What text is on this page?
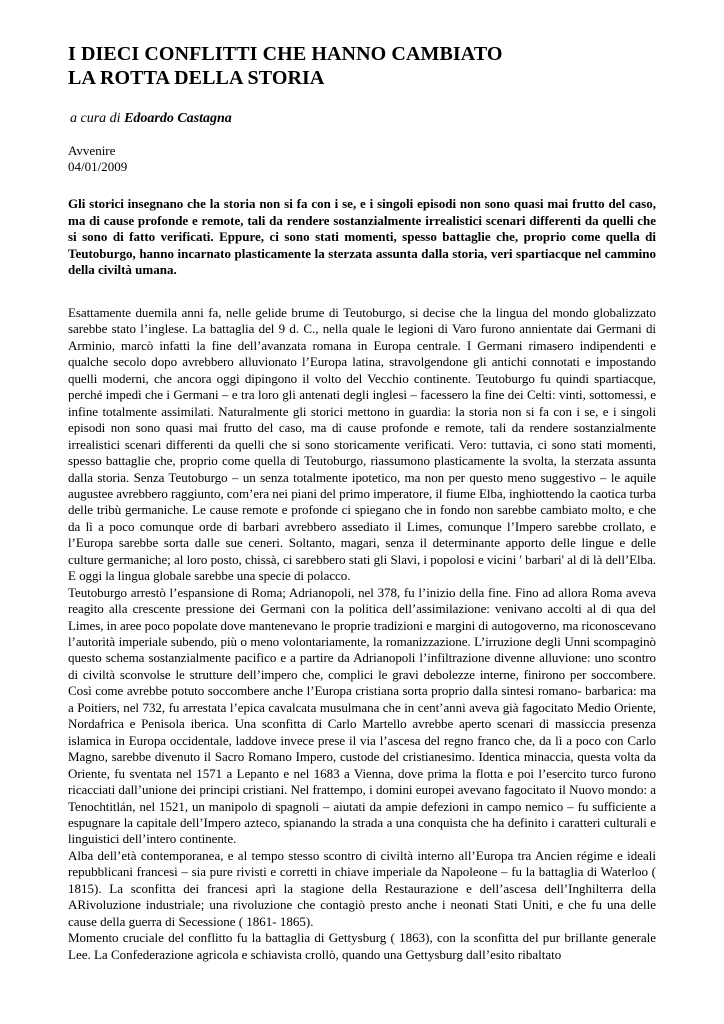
I DIECI CONFLITTI CHE HANNO CAMBIATO
LA ROTTA DELLA STORIA
a cura di Edoardo Castagna
Avvenire
04/01/2009
Gli storici insegnano che la storia non si fa con i se, e i singoli episodi non sono quasi mai frutto del caso, ma di cause profonde e remote, tali da rendere sostanzialmente irrealistici scenari differenti da quelli che si sono di fatto verificati. Eppure, ci sono stati momenti, spesso battaglie che, proprio come quella di Teutoburgo, hanno incarnato plasticamente la sterzata assunta dalla storia, veri spartiacque nel cammino della civiltà umana.

Esattamente duemila anni fa, nelle gelide brume di Teutoburgo, si decise che la lingua del mondo globalizzato sarebbe stato l’inglese. La battaglia del 9 d. C., nella quale le legioni di Varo furono annientate dai Germani di Arminio, marcò infatti la fine dell’avanzata romana in Europa centrale. I Germani rimasero indipendenti e qualche secolo dopo avrebbero alluvionato l’Europa latina, stravolgendone gli antichi connotati e impostando quelli moderni, che ancora oggi dipingono il volto del Vecchio continente. Teutoburgo fu quindi spartiacque, perché impedì che i Germani – e tra loro gli antenati degli inglesi – facessero la fine dei Celti: vinti, sottomessi, e infine totalmente assimilati. Naturalmente gli storici mettono in guardia: la storia non si fa con i se, e i singoli episodi non sono quasi mai frutto del caso, ma di cause profonde e remote, tali da rendere sostanzialmente irrealistici scenari differenti da quelli che si sono storicamente verificati. Vero: tuttavia, ci sono stati momenti, spesso battaglie che, proprio come quella di Teutoburgo, riassumono plasticamente la svolta, la sterzata assunta dalla storia. Senza Teutoburgo – un senza totalmente ipotetico, ma non per questo meno suggestivo – le aquile augustee avrebbero raggiunto, com’era nei piani del primo imperatore, il fiume Elba, inghiottendo la caotica turba delle tribù germaniche. Le cause remote e profonde ci spiegano che in fondo non sarebbe cambiato molto, e che da lì a poco comunque orde di barbari avrebbero assediato il Limes, comunque l’Impero sarebbe crollato, e l’Europa sarebbe sorta dalle sue ceneri. Soltanto, magari, senza il determinante apporto delle lingue e delle culture germaniche; al loro posto, chissà, ci sarebbero stati gli Slavi, i popolosi e vicini ' barbari' al di là dell’Elba. E oggi la lingua globale sarebbe una specie di polacco.

Teutoburgo arrestò l’espansione di Roma; Adrianopoli, nel 378, fu l’inizio della fine. Fino ad allora Roma aveva reagito alla crescente pressione dei Germani con la politica dell’assimilazione: venivano accolti al di qua del Limes, in aree poco popolate dove mantenevano le proprie tradizioni e margini di autogoverno, ma riconoscevano l’autorità imperiale subendo, più o meno volontariamente, la romanizzazione. L’irruzione degli Unni scompaginò questo schema sostanzialmente pacifico e a partire da Adrianopoli l’infiltrazione divenne alluvione: uno scontro di civiltà sconvolse le strutture dell’impero che, complici le gravi debolezze interne, finirono per soccombere. Così come avrebbe potuto soccombere anche l’Europa cristiana sorta proprio dalla sintesi romano- barbarica: ma a Poitiers, nel 732, fu arrestata l’epica cavalcata musulmana che in cent’anni aveva già fagocitato Medio Oriente, Nordafrica e Penisola iberica. Una sconfitta di Carlo Martello avrebbe aperto scenari di massiccia presenza islamica in Europa occidentale, laddove invece prese il via l’ascesa del regno franco che, da lì a poco con Carlo Magno, sarebbe divenuto il Sacro Romano Impero, custode del cristianesimo. Identica minaccia, questa volta da Oriente, fu sventata nel 1571 a Lepanto e nel 1683 a Vienna, dove prima la flotta e poi l’esercito turco furono ricacciati dall’unione dei principi cristiani. Nel frattempo, i domini europei avevano fagocitato il Nuovo mondo: a Tenochtitlán, nel 1521, un manipolo di spagnoli – aiutati da ampie defezioni in campo nemico – fu sufficiente a espugnare la capitale dell’Impero azteco, spianando la strada a una conquista che ha definito i caratteri culturali e linguistici dell’intero continente.

Alba dell’età contemporanea, e al tempo stesso scontro di civiltà interno all’Europa tra Ancien régime e ideali repubblicani francesi – sia pure rivisti e corretti in chiave imperiale da Napoleone – fu la battaglia di Waterloo ( 1815). La sconfitta dei francesi aprì la stagione della Restaurazione e dell’ascesa dell’Inghilterra della ARivoluzione industriale; una rivoluzione che contagiò presto anche i neonati Stati Uniti, e che fu una delle cause della guerra di Secessione ( 1861- 1865).

Momento cruciale del conflitto fu la battaglia di Gettysburg ( 1863), con la sconfitta del pur brillante generale Lee. La Confederazione agricola e schiavista crollò, quando una Gettysburg dall’esito ribaltato
